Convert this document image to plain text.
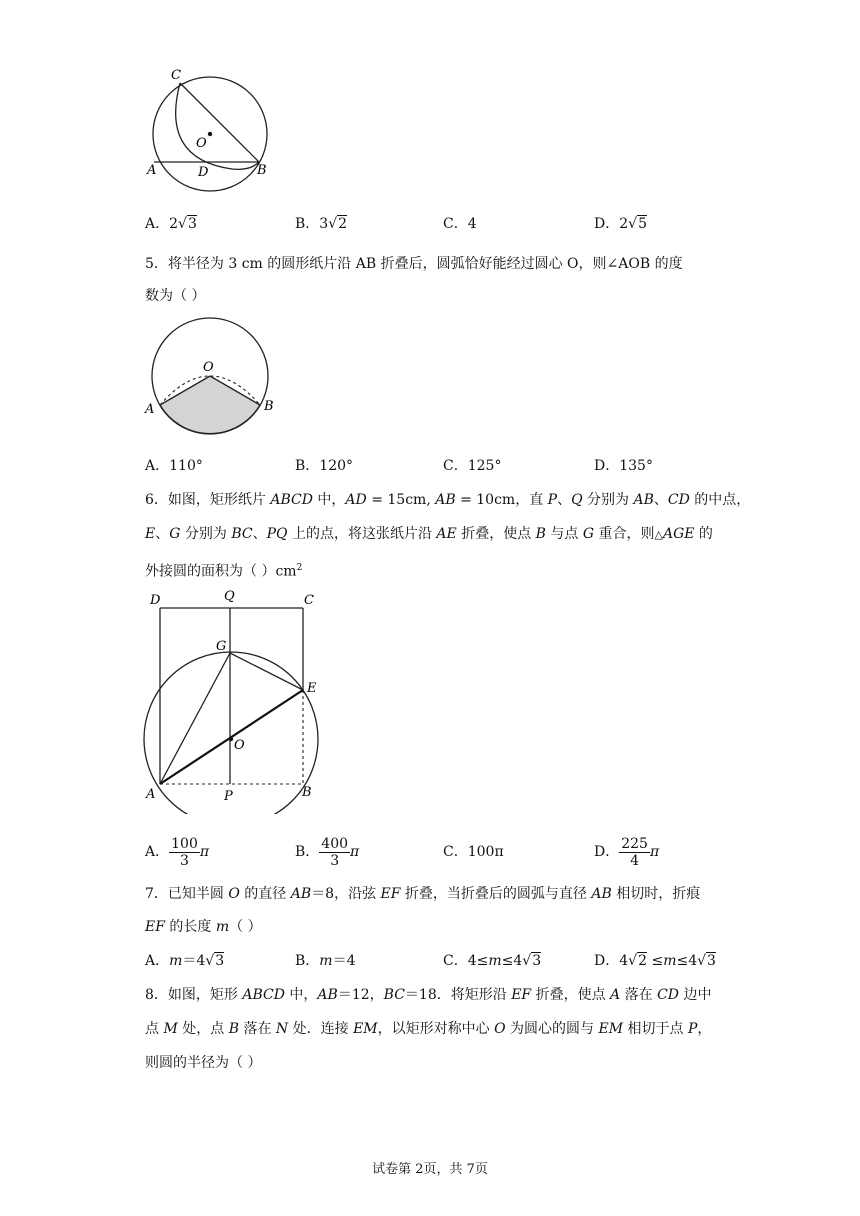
C
O
A	D	B
A．2√3	B．3√2	C．4	D．2√5
5．将半径为 3 cm 的圆形纸片沿 AB 折叠后，圆弧恰好能经过圆心 O，则∠AOB 的度
数为（ ）
O
A	B
A．110°	B．120°	C．125°	D．135°
6．如图，矩形纸片 ABCD 中，AD = 15cm, AB = 10cm，直 P、Q 分别为 AB、CD 的中点，
E、G 分别为 BC、PQ 上的点，将这张纸片沿 AE 折叠，使点 B 与点 G 重合，则△AGE 的
外接圆的面积为（ ）$cm^2$
D	Q	C
G
E
O
A	P	B
A． $\frac{100}{3}$ π	B． $\frac{400}{3}$ π	C．100π	D． $\frac{225}{4}$ π
7．已知半圆 O 的直径 AB＝8，沿弦 EF 折叠，当折叠后的圆弧与直径 AB 相切时，折痕
EF 的长度 m（ ）
A．m＝4√3	B．m＝4	C．4≤m≤4√3	D．4√2 ≤m≤4√3
8．如图，矩形 ABCD 中，AB＝12，BC＝18．将矩形沿 EF 折叠，使点 A 落在 CD 边中
点 M 处，点 B 落在 N 处．连接 EM，以矩形对称中心 O 为圆心的圆与 EM 相切于点 P，
则圆的半径为（ ）
试卷第 2页，共 7页
